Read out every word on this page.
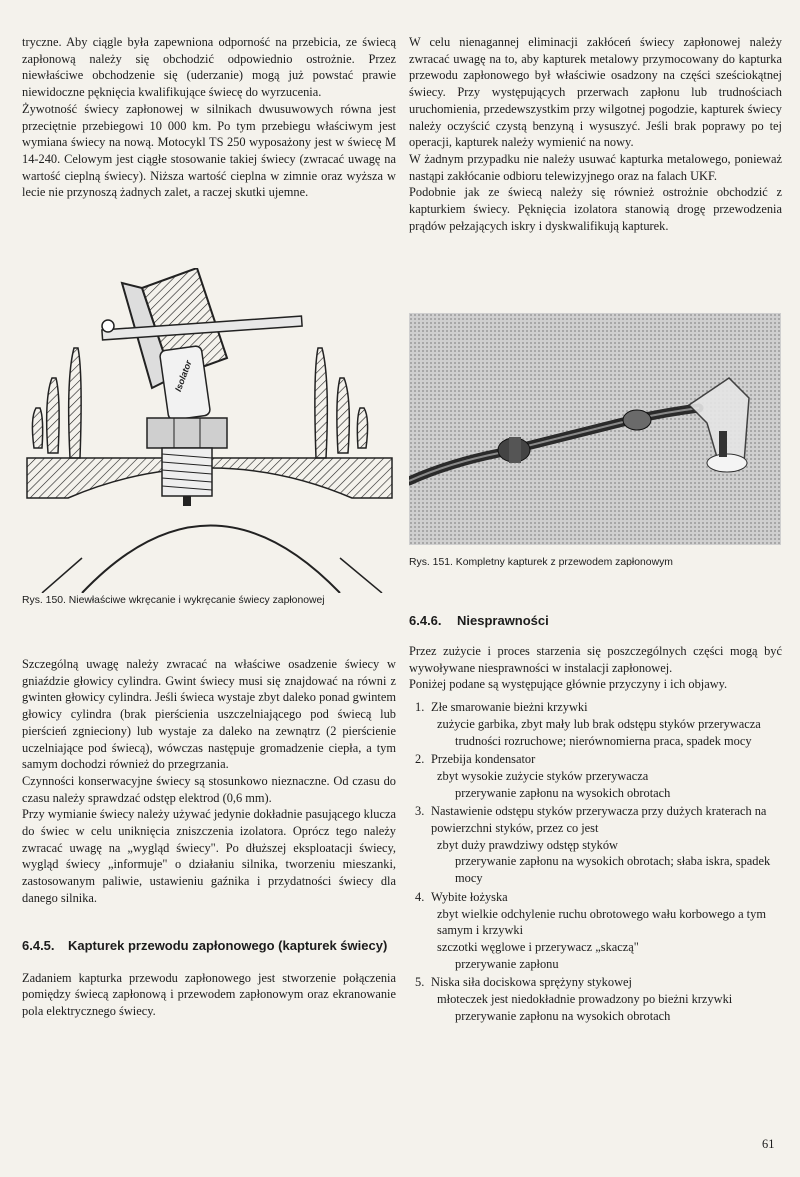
tryczne. Aby ciągle była zapewniona odporność na przebicia, ze świecą zapłonową należy się obchodzić odpowiednio ostrożnie. Przez niewłaściwe obchodzenie się (uderzanie) mogą już powstać prawie niewidoczne pęknięcia kwalifikujące świecę do wyrzucenia.

Żywotność świecy zapłonowej w silnikach dwusuwowych równa jest przeciętnie przebiegowi 10 000 km. Po tym przebiegu właściwym jest wymiana świecy na nową. Motocykl TS 250 wyposażony jest w świecę M 14-240. Celowym jest ciągłe stosowanie takiej świecy (zwracać uwagę na wartość cieplną świecy). Niższa wartość cieplna w zimnie oraz wyższa w lecie nie przynoszą żadnych zalet, a raczej skutki ujemne.

Isolator
Rys. 150. Niewłaściwe wkręcanie i wykręcanie świecy zapłonowej

Szczególną uwagę należy zwracać na właściwe osadzenie świecy w gniaździe głowicy cylindra. Gwint świecy musi się znajdować na równi z gwinten głowicy cylindra. Jeśli świeca wystaje zbyt daleko ponad gwintem głowicy cylindra (brak pierścienia uszczelniającego pod świecą lub pierścień zgnieciony) lub wystaje za daleko na zewnątrz (2 pierścienie uczelniające pod świecą), wówczas następuje gromadzenie ciepła, a tym samym dochodzi również do przegrzania.

Czynności konserwacyjne świecy są stosunkowo nieznaczne. Od czasu do czasu należy sprawdzać odstęp elektrod (0,6 mm).

Przy wymianie świecy należy używać jedynie dokładnie pasującego klucza do świec w celu uniknięcia zniszczenia izolatora. Oprócz tego należy zwracać uwagę na „wygląd świecy". Po dłuższej eksploatacji świecy, wygląd świecy „informuje" o działaniu silnika, tworzeniu mieszanki, zastosowanym paliwie, ustawieniu gaźnika i przydatności świecy dla danego silnika.

6.4.5.	Kapturek przewodu zapłonowego (kapturek świecy)

Zadaniem kapturka przewodu zapłonowego jest stworzenie połączenia pomiędzy świecą zapłonową i przewodem zapłonowym oraz ekranowanie pola elektrycznego świecy.

W celu nienagannej eliminacji zakłóceń świecy zapłonowej należy zwracać uwagę na to, aby kapturek metalowy przymocowany do kapturka przewodu zapłonowego był właściwie osadzony na części sześciokątnej świecy. Przy występujących przerwach zapłonu lub trudnościach uruchomienia, przedewszystkim przy wilgotnej pogodzie, kapturek świecy należy oczyścić czystą benzyną i wysuszyć. Jeśli brak poprawy po tej operacji, kapturek należy wymienić na nowy.

W żadnym przypadku nie należy usuwać kapturka metalowego, ponieważ nastąpi zakłócanie odbioru telewizyjnego oraz na falach UKF.

Podobnie jak ze świecą należy się również ostrożnie obchodzić z kapturkiem świecy. Pęknięcia izolatora stanowią drogę przewodzenia prądów pełzających iskry i dyskwalifikują kapturek.

Rys. 151. Kompletny kapturek z przewodem zapłonowym
6.4.6.	Niesprawności

Przez zużycie i proces starzenia się poszczególnych części mogą być wywoływane niesprawności w instalacji zapłonowej.

Poniżej podane są występujące głównie przyczyny i ich objawy.

1. Złe smarowanie bieżni krzywki
zużycie garbika, zbyt mały lub brak odstępu styków przerywacza
trudności rozruchowe; nierównomierna praca, spadek mocy
2. Przebija kondensator
zbyt wysokie zużycie styków przerywacza
przerywanie zapłonu na wysokich obrotach
3. Nastawienie odstępu styków przerywacza przy dużych kraterach na powierzchni styków, przez co jest
zbyt duży prawdziwy odstęp styków
przerywanie zapłonu na wysokich obrotach; słaba iskra, spadek mocy
4. Wybite łożyska
zbyt wielkie odchylenie ruchu obrotowego wału korbowego a tym samym i krzywki
szczotki węglowe i przerywacz „skaczą"
przerywanie zapłonu
5. Niska siła dociskowa sprężyny stykowej
młoteczek jest niedokładnie prowadzony po bieżni krzywki
przerywanie zapłonu na wysokich obrotach
61
